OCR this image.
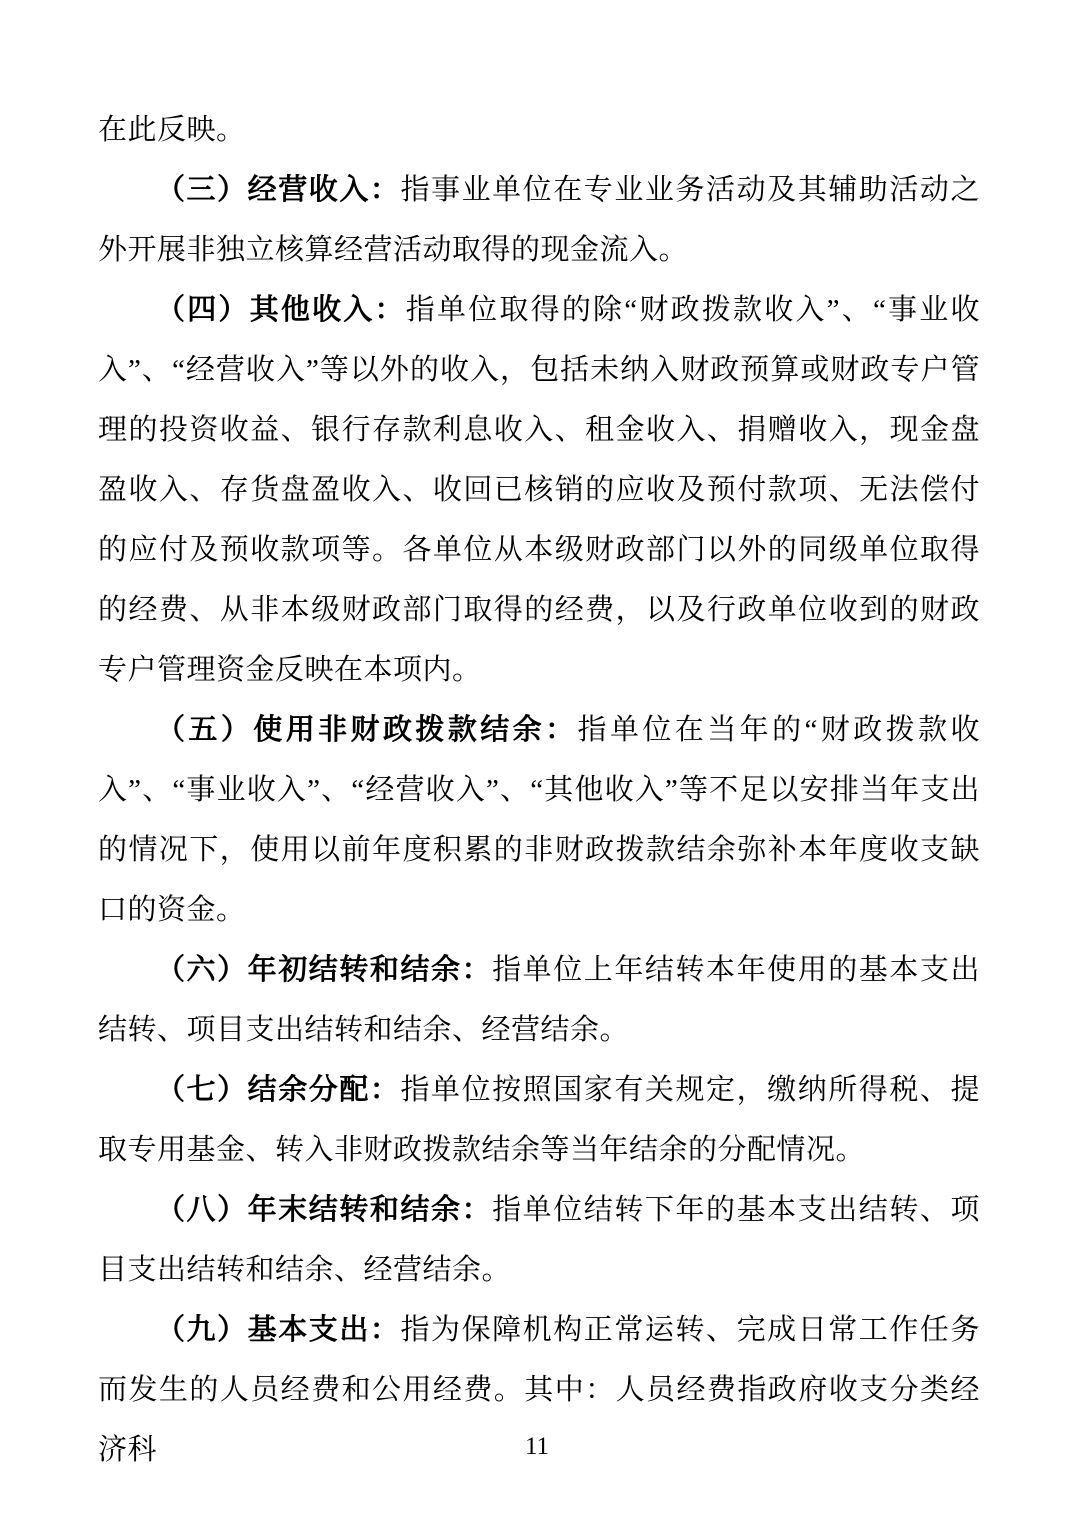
在此反映。

（三）经营收入：指事业单位在专业业务活动及其辅助活动之外开展非独立核算经营活动取得的现金流入。

（四）其他收入：指单位取得的除“财政拨款收入”、“事业收入”、“经营收入”等以外的收入，包括未纳入财政预算或财政专户管理的投资收益、银行存款利息收入、租金收入、捐赠收入，现金盘盈收入、存货盘盈收入、收回已核销的应收及预付款项、无法偿付的应付及预收款项等。各单位从本级财政部门以外的同级单位取得的经费、从非本级财政部门取得的经费，以及行政单位收到的财政专户管理资金反映在本项内。

（五）使用非财政拨款结余：指单位在当年的“财政拨款收入”、“事业收入”、“经营收入”、“其他收入”等不足以安排当年支出的情况下，使用以前年度积累的非财政拨款结余弥补本年度收支缺口的资金。

（六）年初结转和结余：指单位上年结转本年使用的基本支出结转、项目支出结转和结余、经营结余。

（七）结余分配：指单位按照国家有关规定，缴纳所得税、提取专用基金、转入非财政拨款结余等当年结余的分配情况。

（八）年末结转和结余：指单位结转下年的基本支出结转、项目支出结转和结余、经营结余。

（九）基本支出：指为保障机构正常运转、完成日常工作任务而发生的人员经费和公用经费。其中：人员经费指政府收支分类经济科	11
